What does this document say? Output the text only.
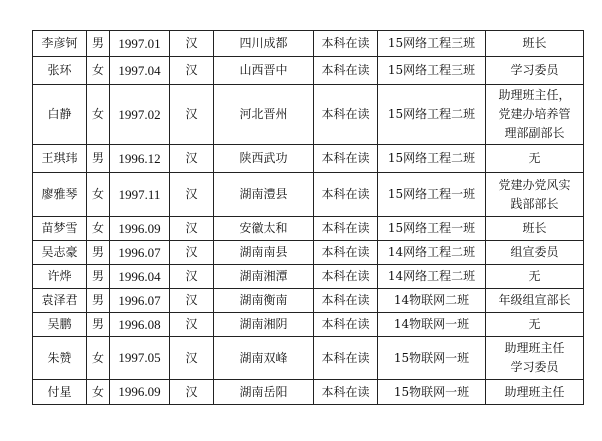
李彦钶	男	1997.01	汉	四川成都	本科在读	15网络工程三班	班长

张环	女	1997.04	汉	山西晋中	本科在读	15网络工程三班	学习委员

白静	女	1997.02	汉	河北晋州	本科在读	15网络工程二班	助理班主任，
党建办培养管
理部副部长

王琪玮	男	1996.12	汉	陕西武功	本科在读	15网络工程二班	无

廖雅琴	女	1997.11	汉	湖南澧县	本科在读	15网络工程一班	党建办党风实
践部部长

苗梦雪	女	1996.09	汉	安徽太和	本科在读	15网络工程一班	班长

吴志豪	男	1996.07	汉	湖南南县	本科在读	14网络工程二班	组宣委员

许烨	男	1996.04	汉	湖南湘潭	本科在读	14网络工程二班	无

袁泽君	男	1996.07	汉	湖南衡南	本科在读	14物联网二班	年级组宣部长

吴鹏	男	1996.08	汉	湖南湘阴	本科在读	14物联网一班	无

朱赞	女	1997.05	汉	湖南双峰	本科在读	15物联网一班	助理班主任
学习委员

付星	女	1996.09	汉	湖南岳阳	本科在读	15物联网一班	助理班主任
